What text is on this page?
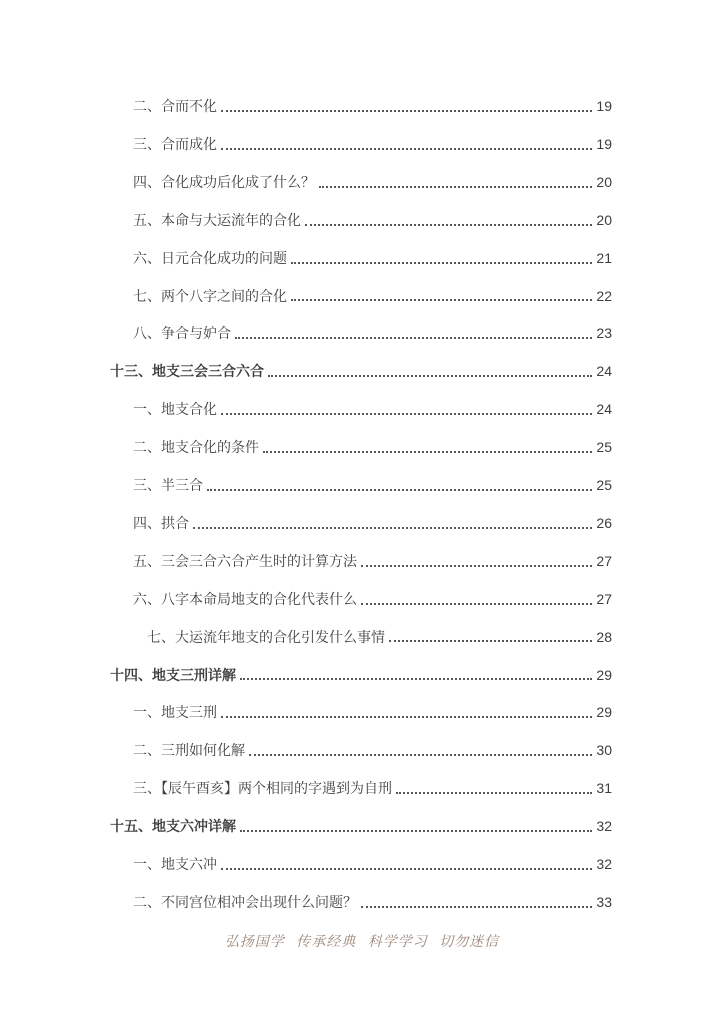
二、合而不化	19
三、合而成化	19
四、合化成功后化成了什么？	20
五、本命与大运流年的合化	20
六、日元合化成功的问题	21
七、两个八字之间的合化	22
八、争合与妒合	23
十三、地支三会三合六合	24
一、地支合化	24
二、地支合化的条件	25
三、半三合	25
四、拱合	26
五、三会三合六合产生时的计算方法	27
六、八字本命局地支的合化代表什么	27
七、大运流年地支的合化引发什么事情	28
十四、地支三刑详解	29
一、地支三刑	29
二、三刑如何化解	30
三、【辰午酉亥】两个相同的字遇到为自刑	31
十五、地支六冲详解	32
一、地支六冲	32
二、不同宫位相冲会出现什么问题？	33
弘扬国学 传承经典 科学学习 切勿迷信
